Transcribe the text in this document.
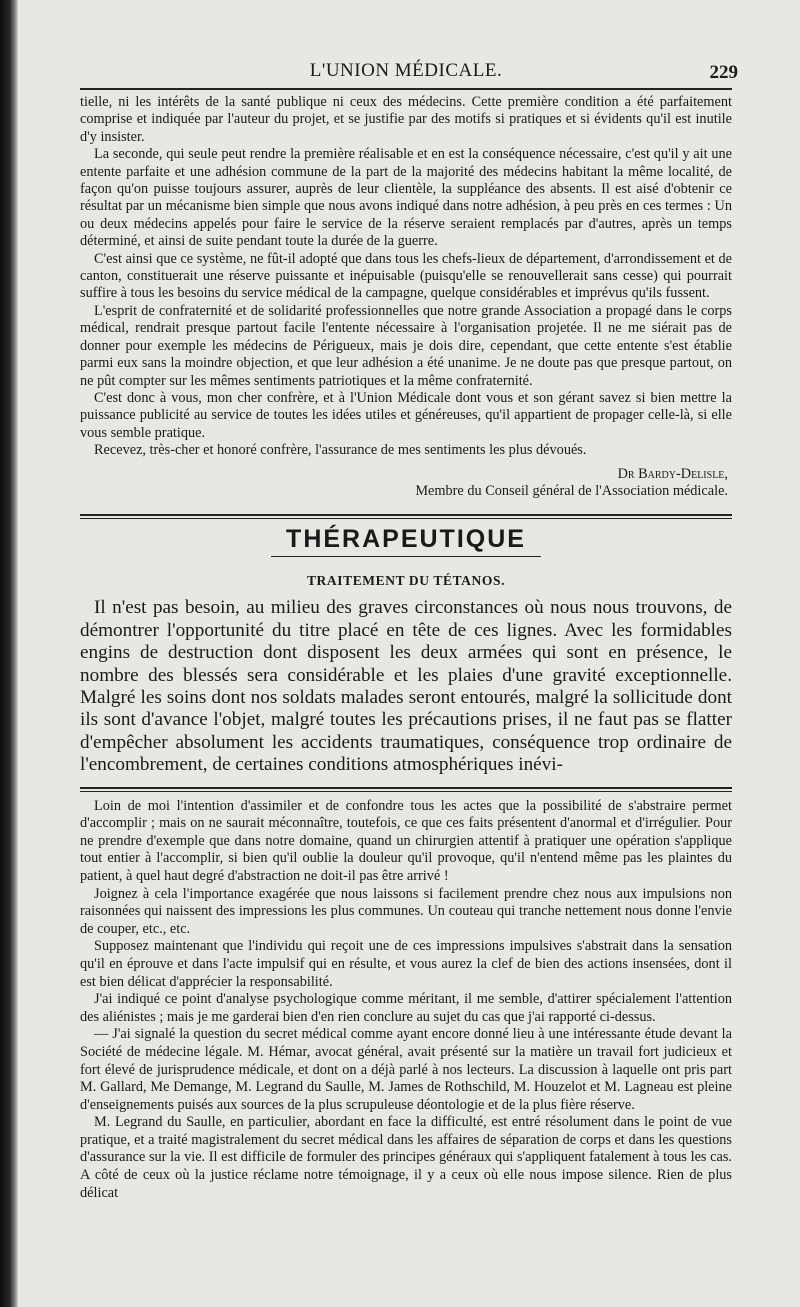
L'UNION MÉDICALE.	229

tielle, ni les intérêts de la santé publique ni ceux des médecins. Cette première condition a été parfaitement comprise et indiquée par l'auteur du projet, et se justifie par des motifs si pratiques et si évidents qu'il est inutile d'y insister.

La seconde, qui seule peut rendre la première réalisable et en est la conséquence nécessaire, c'est qu'il y ait une entente parfaite et une adhésion commune de la part de la majorité des médecins habitant la même localité, de façon qu'on puisse toujours assurer, auprès de leur clientèle, la suppléance des absents. Il est aisé d'obtenir ce résultat par un mécanisme bien simple que nous avons indiqué dans notre adhésion, à peu près en ces termes : Un ou deux médecins appelés pour faire le service de la réserve seraient remplacés par d'autres, après un temps déterminé, et ainsi de suite pendant toute la durée de la guerre.

C'est ainsi que ce système, ne fût-il adopté que dans tous les chefs-lieux de département, d'arrondissement et de canton, constituerait une réserve puissante et inépuisable (puisqu'elle se renouvellerait sans cesse) qui pourrait suffire à tous les besoins du service médical de la campagne, quelque considérables et imprévus qu'ils fussent.

L'esprit de confraternité et de solidarité professionnelles que notre grande Association a propagé dans le corps médical, rendrait presque partout facile l'entente nécessaire à l'organisation projetée. Il ne me siérait pas de donner pour exemple les médecins de Périgueux, mais je dois dire, cependant, que cette entente s'est établie parmi eux sans la moindre objection, et que leur adhésion a été unanime. Je ne doute pas que presque partout, on ne pût compter sur les mêmes sentiments patriotiques et la même confraternité.

C'est donc à vous, mon cher confrère, et à l'Union Médicale dont vous et son gérant savez si bien mettre la puissance publicité au service de toutes les idées utiles et généreuses, qu'il appartient de propager celle-là, si elle vous semble pratique.

Recevez, très-cher et honoré confrère, l'assurance de mes sentiments les plus dévoués.

Dr Bardy-Delisle,
Membre du Conseil général de l'Association médicale.
THÉRAPEUTIQUE
TRAITEMENT DU TÉTANOS.

Il n'est pas besoin, au milieu des graves circonstances où nous nous trouvons, de démontrer l'opportunité du titre placé en tête de ces lignes. Avec les formidables engins de destruction dont disposent les deux armées qui sont en présence, le nombre des blessés sera considérable et les plaies d'une gravité exceptionnelle. Malgré les soins dont nos soldats malades seront entourés, malgré la sollicitude dont ils sont d'avance l'objet, malgré toutes les précautions prises, il ne faut pas se flatter d'empêcher absolument les accidents traumatiques, conséquence trop ordinaire de l'encombrement, de certaines conditions atmosphériques inévi-

Loin de moi l'intention d'assimiler et de confondre tous les actes que la possibilité de s'abstraire permet d'accomplir ; mais on ne saurait méconnaître, toutefois, ce que ces faits présentent d'anormal et d'irrégulier. Pour ne prendre d'exemple que dans notre domaine, quand un chirurgien attentif à pratiquer une opération s'applique tout entier à l'accomplir, si bien qu'il oublie la douleur qu'il provoque, qu'il n'entend même pas les plaintes du patient, à quel haut degré d'abstraction ne doit-il pas être arrivé !

Joignez à cela l'importance exagérée que nous laissons si facilement prendre chez nous aux impulsions non raisonnées qui naissent des impressions les plus communes. Un couteau qui tranche nettement nous donne l'envie de couper, etc., etc.

Supposez maintenant que l'individu qui reçoit une de ces impressions impulsives s'abstrait dans la sensation qu'il en éprouve et dans l'acte impulsif qui en résulte, et vous aurez la clef de bien des actions insensées, dont il est bien délicat d'apprécier la responsabilité.

J'ai indiqué ce point d'analyse psychologique comme méritant, il me semble, d'attirer spécialement l'attention des aliénistes ; mais je me garderai bien d'en rien conclure au sujet du cas que j'ai rapporté ci-dessus.

— J'ai signalé la question du secret médical comme ayant encore donné lieu à une intéressante étude devant la Société de médecine légale. M. Hémar, avocat général, avait présenté sur la matière un travail fort judicieux et fort élevé de jurisprudence médicale, et dont on a déjà parlé à nos lecteurs. La discussion à laquelle ont pris part M. Gallard, Me Demange, M. Legrand du Saulle, M. James de Rothschild, M. Houzelot et M. Lagneau est pleine d'enseignements puisés aux sources de la plus scrupuleuse déontologie et de la plus fière réserve.

M. Legrand du Saulle, en particulier, abordant en face la difficulté, est entré résolument dans le point de vue pratique, et a traité magistralement du secret médical dans les affaires de séparation de corps et dans les questions d'assurance sur la vie. Il est difficile de formuler des principes généraux qui s'appliquent fatalement à tous les cas. A côté de ceux où la justice réclame notre témoignage, il y a ceux où elle nous impose silence. Rien de plus délicat
